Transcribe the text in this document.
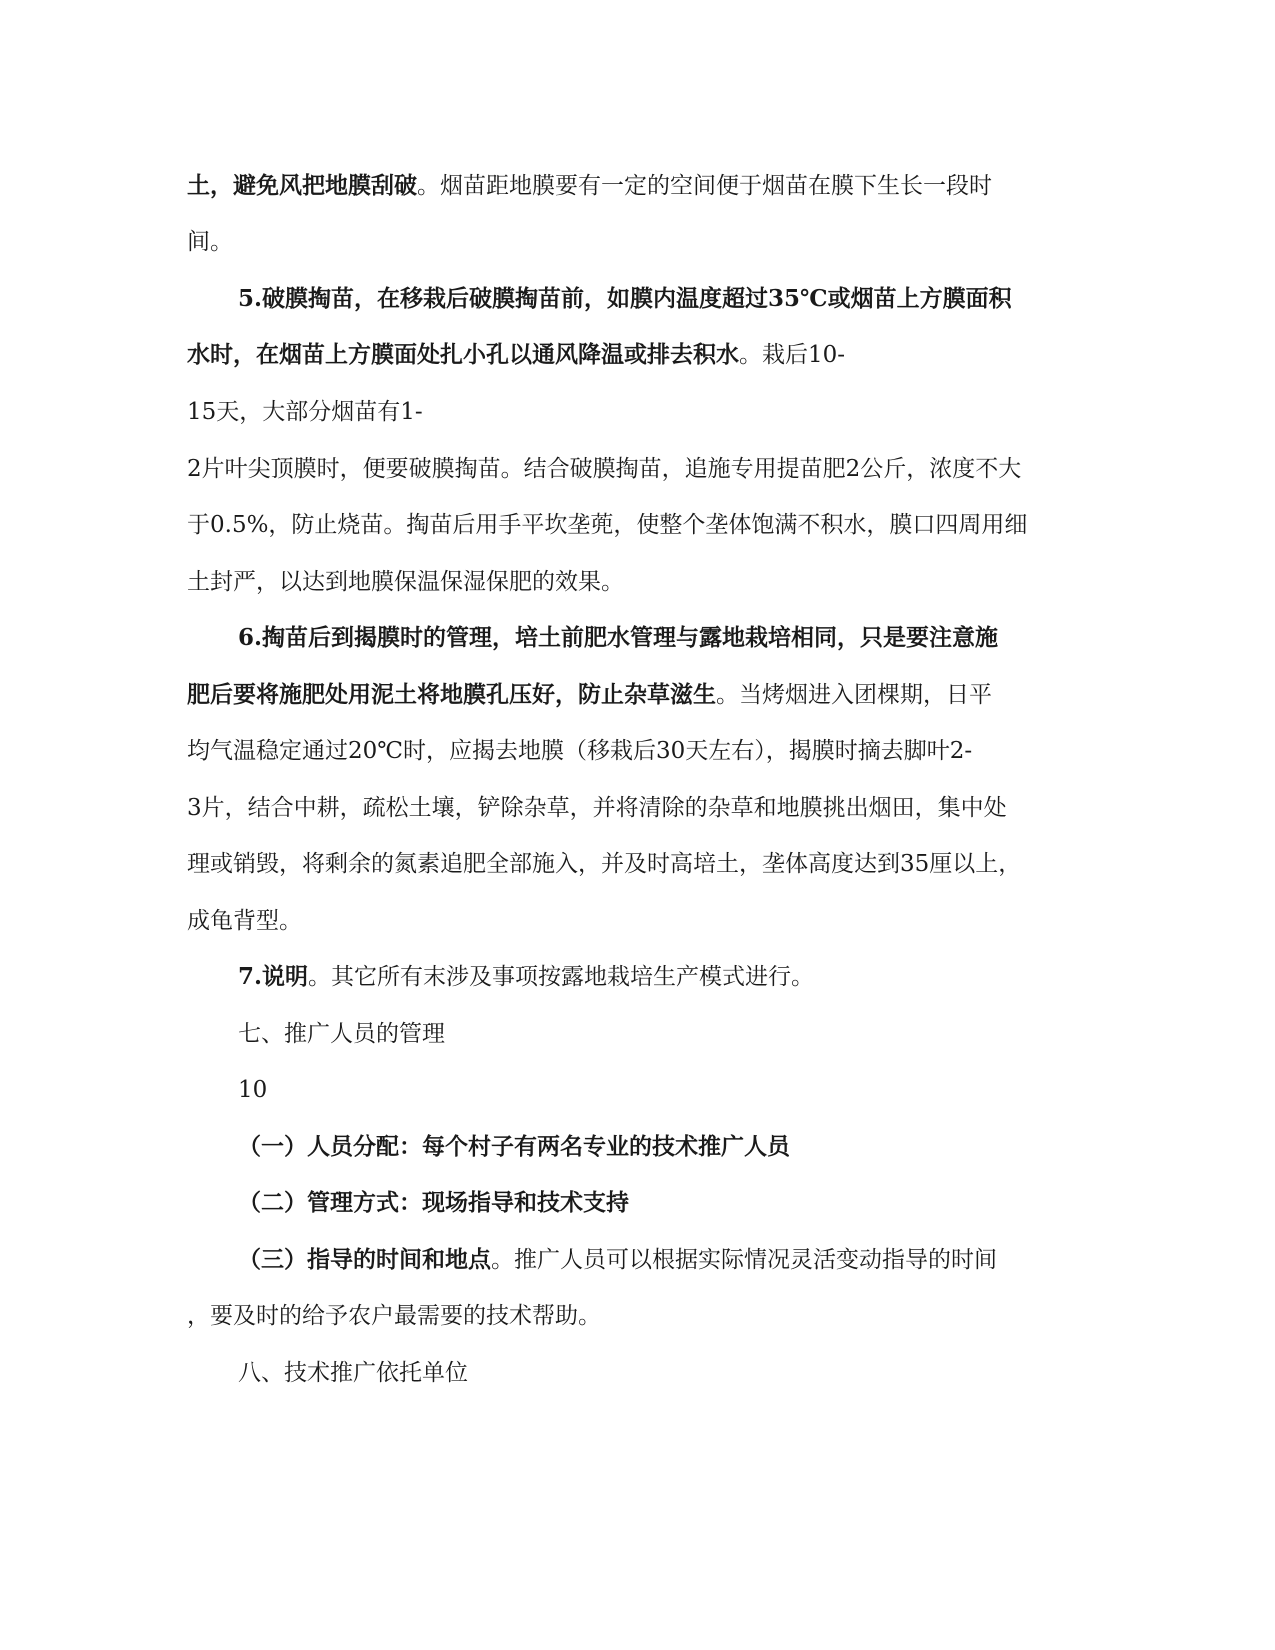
土，避免风把地膜刮破。烟苗距地膜要有一定的空间便于烟苗在膜下生长一段时
间。
5.破膜掏苗，在移栽后破膜掏苗前，如膜内温度超过35℃或烟苗上方膜面积
水时，在烟苗上方膜面处扎小孔以通风降温或排去积水。栽后10-
15天，大部分烟苗有1-
2片叶尖顶膜时，便要破膜掏苗。结合破膜掏苗，追施专用提苗肥2公斤，浓度不大
于0.5%，防止烧苗。掏苗后用手平坎垄蔸，使整个垄体饱满不积水，膜口四周用细
土封严，以达到地膜保温保湿保肥的效果。
6.掏苗后到揭膜时的管理，培土前肥水管理与露地栽培相同，只是要注意施
肥后要将施肥处用泥土将地膜孔压好，防止杂草滋生。当烤烟进入团棵期，日平
均气温稳定通过20℃时，应揭去地膜（移栽后30天左右），揭膜时摘去脚叶2-
3片，结合中耕，疏松土壤，铲除杂草，并将清除的杂草和地膜挑出烟田，集中处
理或销毁，将剩余的氮素追肥全部施入，并及时高培土，垄体高度达到35厘以上，
成龟背型。
7.说明。其它所有末涉及事项按露地栽培生产模式进行。
七、推广人员的管理
10
（一）人员分配：每个村子有两名专业的技术推广人员
（二）管理方式：现场指导和技术支持
（三）指导的时间和地点。推广人员可以根据实际情况灵活变动指导的时间
，要及时的给予农户最需要的技术帮助。
八、技术推广依托单位
